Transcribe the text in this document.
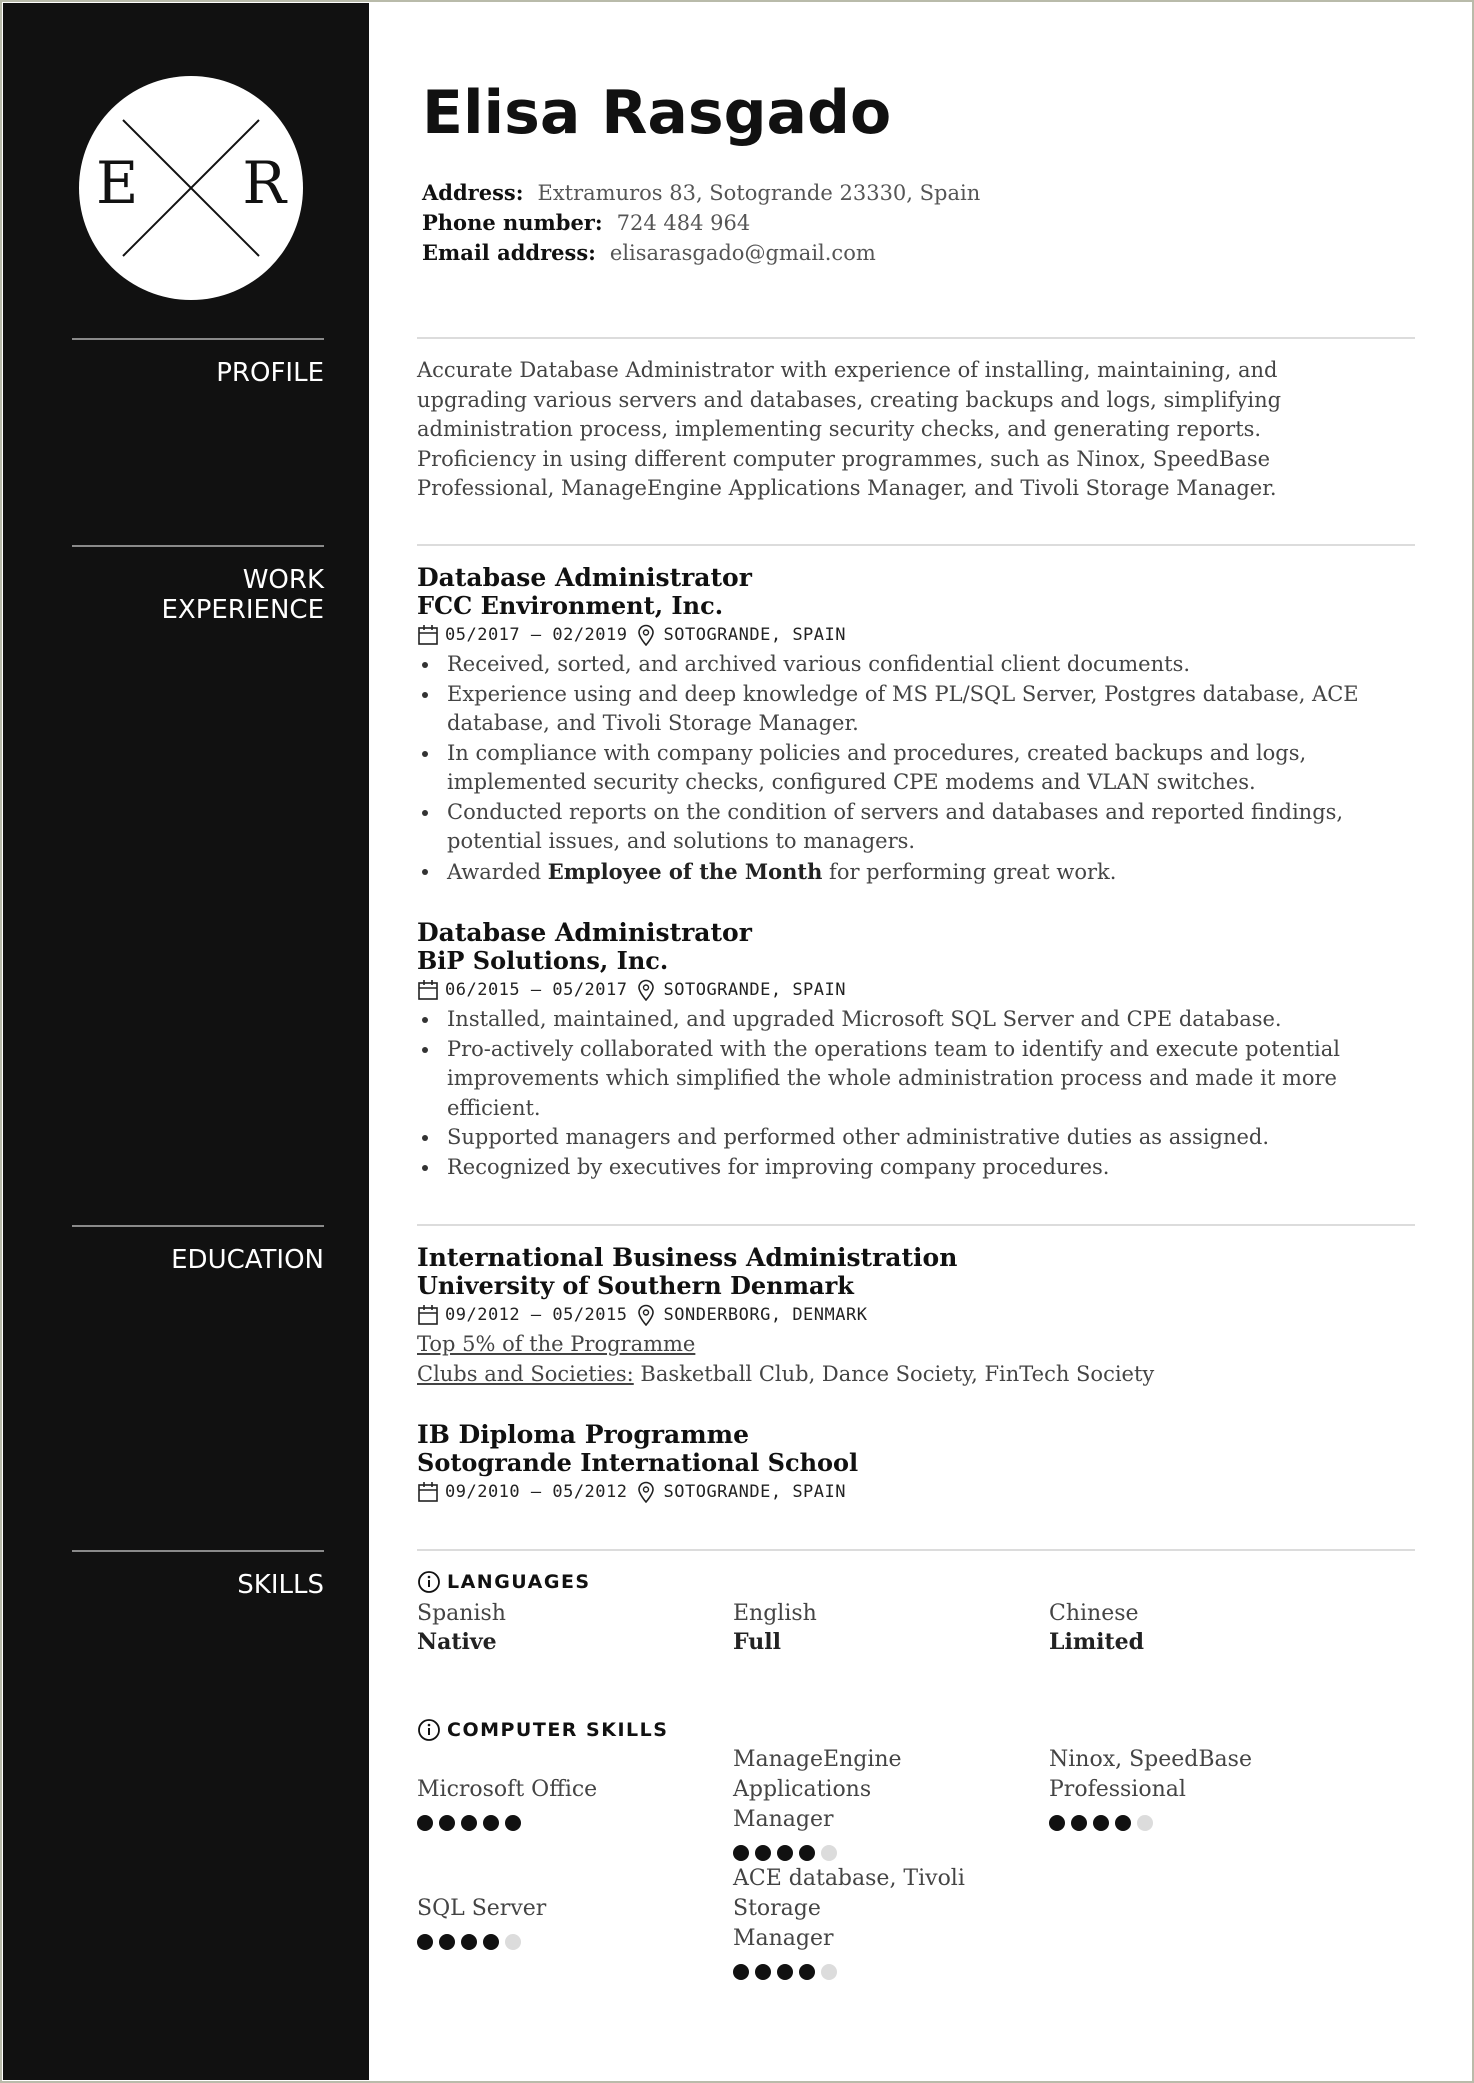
E R
PROFILE
WORK
EXPERIENCE
EDUCATION
SKILLS
Elisa Rasgado
Address: Extramuros 83, Sotogrande 23330, Spain
Phone number: 724 484 964
Email address: elisarasgado@gmail.com
Accurate Database Administrator with experience of installing, maintaining, and
upgrading various servers and databases, creating backups and logs, simplifying
administration process, implementing security checks, and generating reports.
Proficiency in using different computer programmes, such as Ninox, SpeedBase
Professional, ManageEngine Applications Manager, and Tivoli Storage Manager.
Database Administrator
FCC Environment, Inc.
05/2017 — 02/2019 SOTOGRANDE, SPAIN
Received, sorted, and archived various confidential client documents.
Experience using and deep knowledge of MS PL/SQL Server, Postgres database, ACE
database, and Tivoli Storage Manager.
In compliance with company policies and procedures, created backups and logs,
implemented security checks, configured CPE modems and VLAN switches.
Conducted reports on the condition of servers and databases and reported findings,
potential issues, and solutions to managers.
Awarded Employee of the Month for performing great work.
Database Administrator
BiP Solutions, Inc.
06/2015 — 05/2017 SOTOGRANDE, SPAIN
Installed, maintained, and upgraded Microsoft SQL Server and CPE database.
Pro-actively collaborated with the operations team to identify and execute potential
improvements which simplified the whole administration process and made it more
efficient.
Supported managers and performed other administrative duties as assigned.
Recognized by executives for improving company procedures.
International Business Administration
University of Southern Denmark
09/2012 — 05/2015 SONDERBORG, DENMARK
Top 5% of the Programme
Clubs and Societies: Basketball Club, Dance Society, FinTech Society
IB Diploma Programme
Sotogrande International School
09/2010 — 05/2012 SOTOGRANDE, SPAIN
LANGUAGES
Spanish
Native
English
Full
Chinese
Limited
COMPUTER SKILLS
Microsoft Office
ManageEngine Applications
Manager
Ninox, SpeedBase
Professional
SQL Server
ACE database, Tivoli Storage
Manager
